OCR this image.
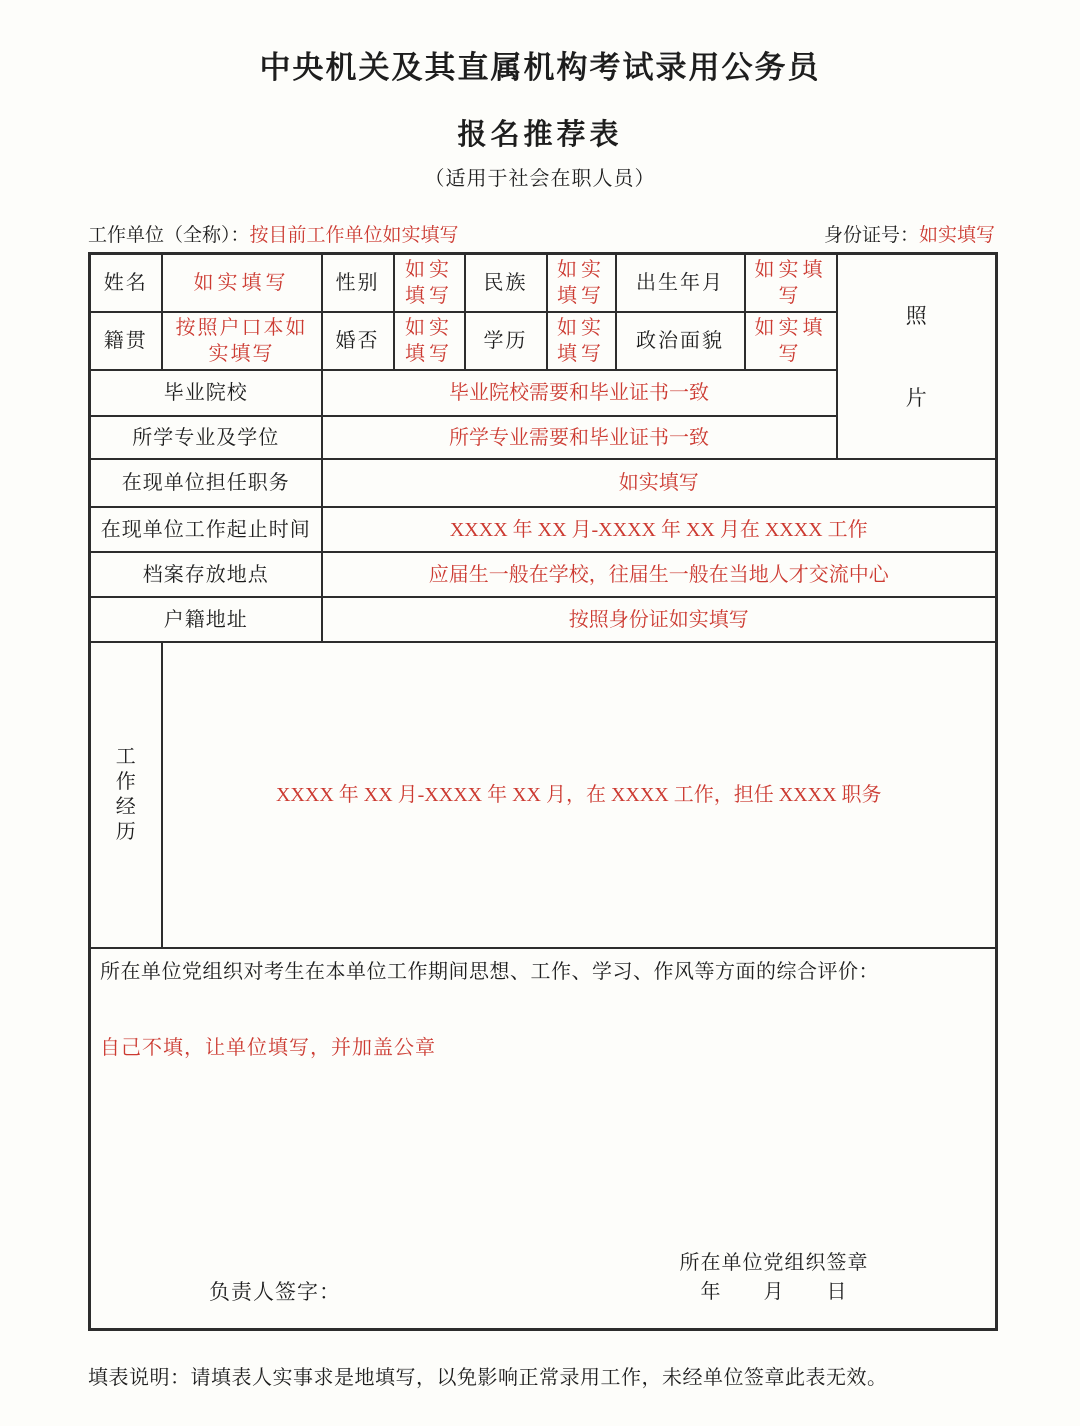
中央机关及其直属机构考试录用公务员
报名推荐表
（适用于社会在职人员）
工作单位（全称）：按目前工作单位如实填写	身份证号：如实填写
姓名	如实填写	性别	如实填写	民族	如实填写	出生年月	如实填写	照片

籍贯	按照户口本如实填写	婚否	如实填写	学历	如实填写	政治面貌	如实填写	
毕业院校		毕业院校需要和毕业证书一致						
所学专业及学位		所学专业需要和毕业证书一致						
在现单位担任职务		如实填写						
在现单位工作起止时间		XXXX 年 XX 月-XXXX 年 XX 月在 XXXX 工作						
档案存放地点		应届生一般在学校，往届生一般在当地人才交流中心						
户籍地址		按照身份证如实填写						

工作经历	XXXX 年 XX 月-XXXX 年 XX 月，在 XXXX 工作，担任 XXXX 职务							

所在单位党组织对考生在本单位工作期间思想、工作、学习、作风等方面的综合评价：
自己不填，让单位填写，并加盖公章
负责人签字：
所在单位党组织签章
年　　月　　日								
填表说明：请填表人实事求是地填写，以免影响正常录用工作，未经单位签章此表无效。
